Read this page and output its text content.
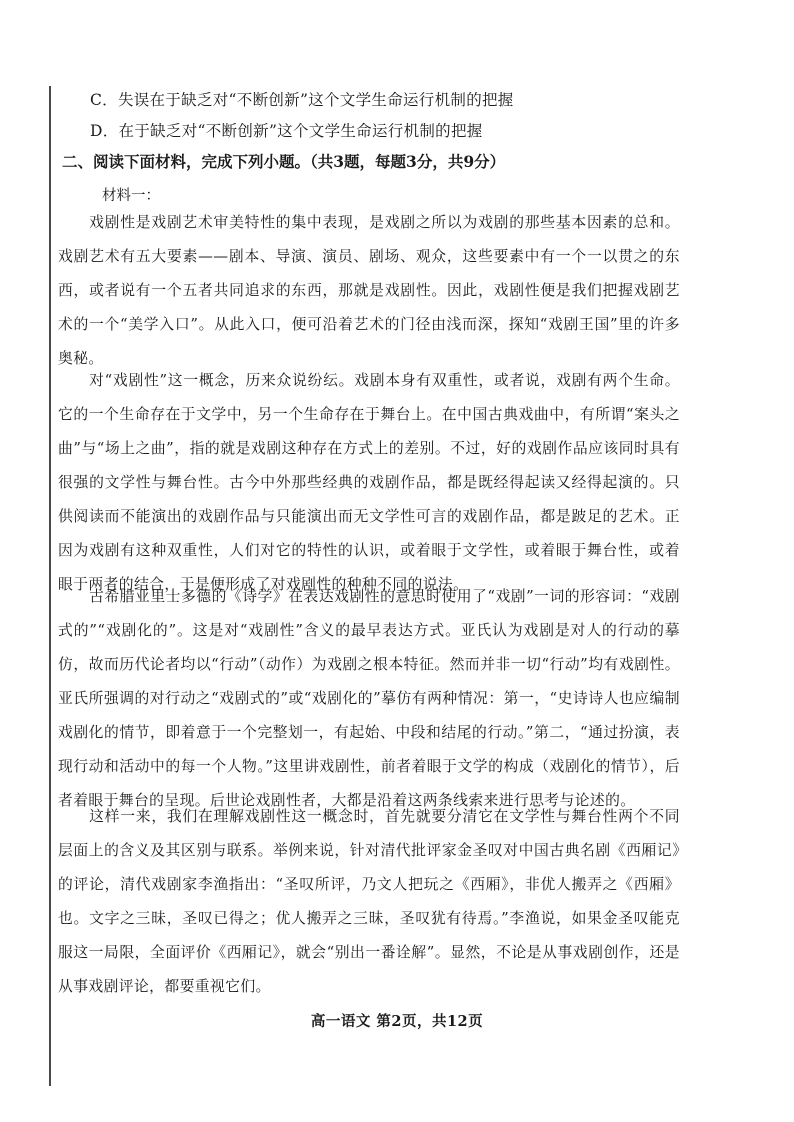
C．失误在于缺乏对“不断创新”这个文学生命运行机制的把握
D．在于缺乏对“不断创新”这个文学生命运行机制的把握
二、阅读下面材料，完成下列小题。（共3题，每题3分，共9分）
材料一：

戏剧性是戏剧艺术审美特性的集中表现，是戏剧之所以为戏剧的那些基本因素的总和。戏剧艺术有五大要素——剧本、导演、演员、剧场、观众，这些要素中有一个一以贯之的东西，或者说有一个五者共同追求的东西，那就是戏剧性。因此，戏剧性便是我们把握戏剧艺术的一个“美学入口”。从此入口，便可沿着艺术的门径由浅而深，探知“戏剧王国”里的许多奥秘。

对“戏剧性”这一概念，历来众说纷纭。戏剧本身有双重性，或者说，戏剧有两个生命。它的一个生命存在于文学中，另一个生命存在于舞台上。在中国古典戏曲中，有所谓“案头之曲”与“场上之曲”，指的就是戏剧这种存在方式上的差别。不过，好的戏剧作品应该同时具有很强的文学性与舞台性。古今中外那些经典的戏剧作品，都是既经得起读又经得起演的。只供阅读而不能演出的戏剧作品与只能演出而无文学性可言的戏剧作品，都是跛足的艺术。正因为戏剧有这种双重性，人们对它的特性的认识，或着眼于文学性，或着眼于舞台性，或着眼于两者的结合，于是便形成了对戏剧性的种种不同的说法。

古希腊亚里士多德的《诗学》在表达戏剧性的意思时使用了“戏剧”一词的形容词：“戏剧式的”“戏剧化的”。这是对“戏剧性”含义的最早表达方式。亚氏认为戏剧是对人的行动的摹仿，故而历代论者均以“行动”（动作）为戏剧之根本特征。然而并非一切“行动”均有戏剧性。亚氏所强调的对行动之“戏剧式的”或“戏剧化的”摹仿有两种情况：第一，“史诗诗人也应编制戏剧化的情节，即着意于一个完整划一，有起始、中段和结尾的行动。”第二，“通过扮演，表现行动和活动中的每一个人物。”这里讲戏剧性，前者着眼于文学的构成（戏剧化的情节），后者着眼于舞台的呈现。后世论戏剧性者，大都是沿着这两条线索来进行思考与论述的。

这样一来，我们在理解戏剧性这一概念时，首先就要分清它在文学性与舞台性两个不同层面上的含义及其区别与联系。举例来说，针对清代批评家金圣叹对中国古典名剧《西厢记》的评论，清代戏剧家李渔指出：“圣叹所评，乃文人把玩之《西厢》，非优人搬弄之《西厢》也。文字之三昧，圣叹已得之；优人搬弄之三昧，圣叹犹有待焉。”李渔说，如果金圣叹能克服这一局限，全面评价《西厢记》，就会“别出一番诠解”。显然，不论是从事戏剧创作，还是从事戏剧评论，都要重视它们。

高一语文 第2页，共12页
